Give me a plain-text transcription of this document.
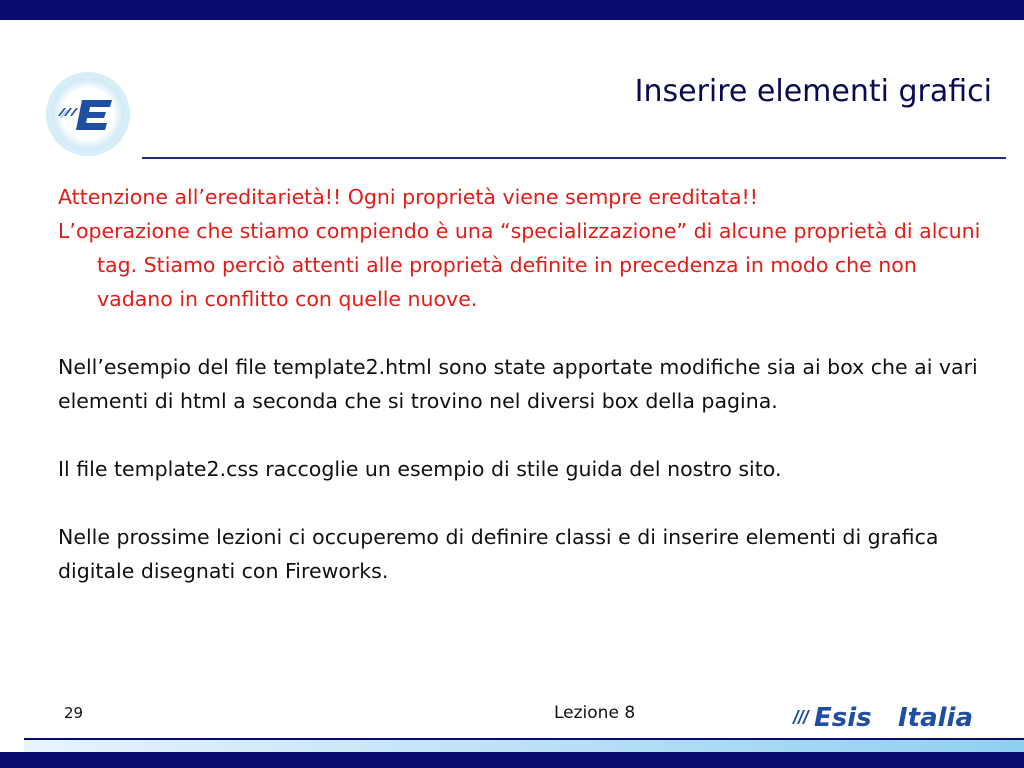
Inserire elementi grafici

Attenzione all’ereditarietà!! Ogni proprietà viene sempre ereditata!!

L’operazione che stiamo compiendo è una “specializzazione” di alcune proprietà di alcuni tag. Stiamo perciò attenti alle proprietà definite in precedenza in modo che non vadano in conflitto con quelle nuove.

Nell’esempio del file template2.html sono state apportate modifiche sia ai box che ai vari elementi di html a seconda che si trovino nel diversi box della pagina.

Il file template2.css raccoglie un esempio di stile guida del nostro sito.

Nelle prossime lezioni ci occuperemo di definire classi e di inserire elementi di grafica digitale disegnati con Fireworks.

29	Lezione 8	Esis Italia
